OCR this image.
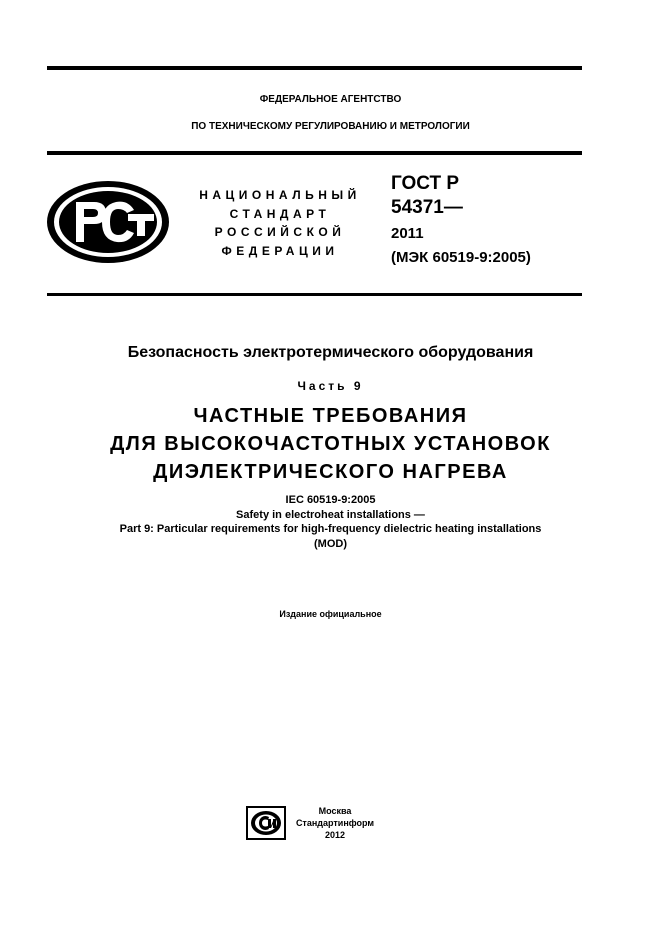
ФЕДЕРАЛЬНОЕ АГЕНТСТВО
ПО ТЕХНИЧЕСКОМУ РЕГУЛИРОВАНИЮ И МЕТРОЛОГИИ
НАЦИОНАЛЬНЫЙ
СТАНДАРТ
РОССИЙСКОЙ
ФЕДЕРАЦИИ
ГОСТ Р
54371—
2011
(МЭК 60519-9:2005)
Безопасность электротермического оборудования
Часть 9
ЧАСТНЫЕ ТРЕБОВАНИЯ
ДЛЯ ВЫСОКОЧАСТОТНЫХ УСТАНОВОК
ДИЭЛЕКТРИЧЕСКОГО НАГРЕВА
IEC 60519-9:2005
Safety in electroheat installations —
Part 9: Particular requirements for high-frequency dielectric heating installations
(MOD)
Издание официальное
Москва
Стандартинформ
2012
